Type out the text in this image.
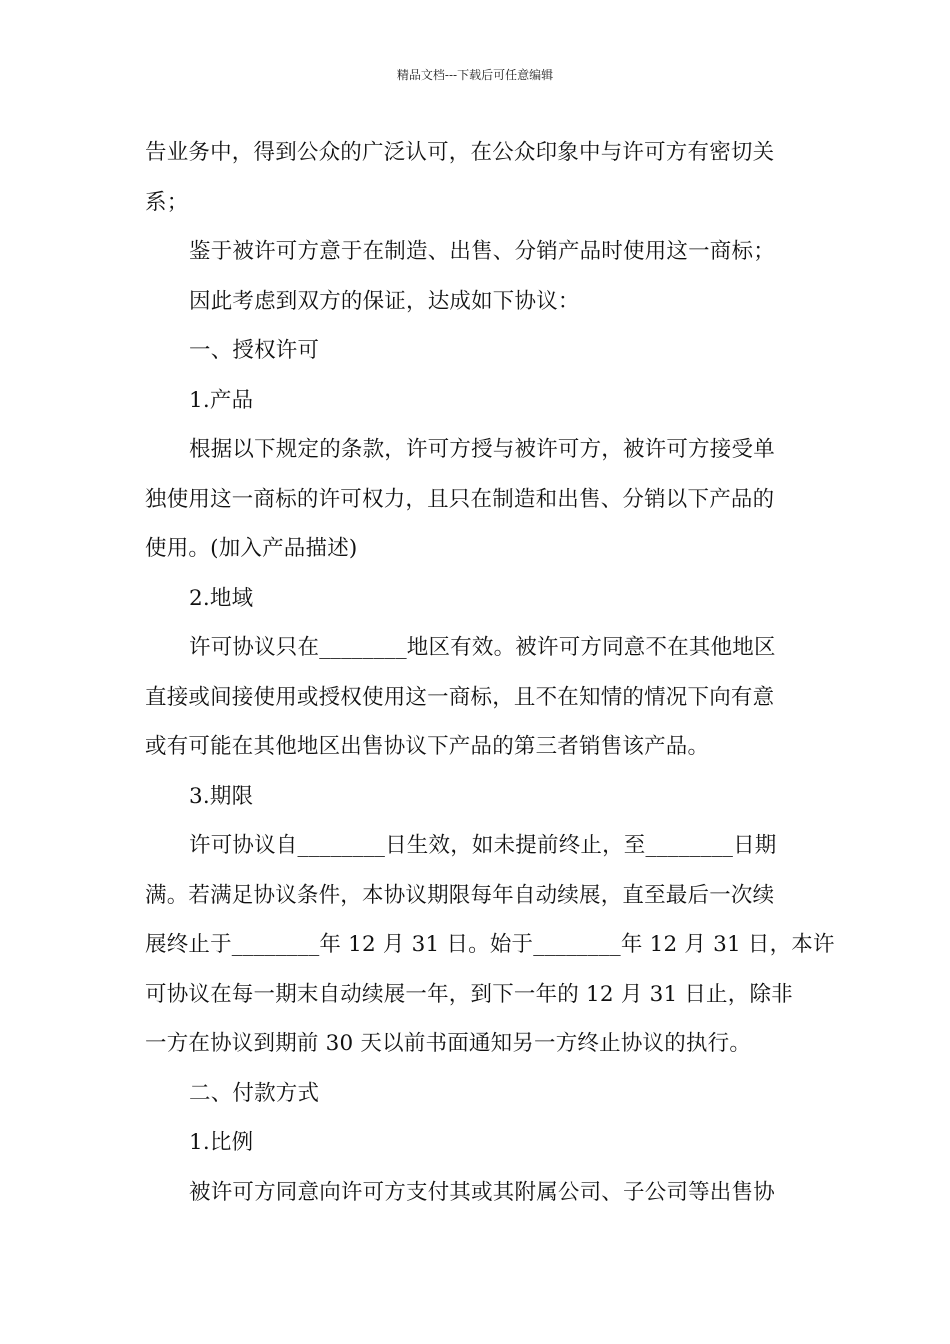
精品文档---下载后可任意编辑
告业务中，得到公众的广泛认可，在公众印象中与许可方有密切关
系；
鉴于被许可方意于在制造、出售、分销产品时使用这一商标；
因此考虑到双方的保证，达成如下协议：
一、授权许可
1.产品
根据以下规定的条款，许可方授与被许可方，被许可方接受单
独使用这一商标的许可权力，且只在制造和出售、分销以下产品的
使用。(加入产品描述)
2.地域
许可协议只在________地区有效。被许可方同意不在其他地区
直接或间接使用或授权使用这一商标，且不在知情的情况下向有意
或有可能在其他地区出售协议下产品的第三者销售该产品。
3.期限
许可协议自________日生效，如未提前终止，至________日期
满。若满足协议条件，本协议期限每年自动续展，直至最后一次续
展终止于________年 12 月 31 日。始于________年 12 月 31 日，本许
可协议在每一期末自动续展一年，到下一年的 12 月 31 日止，除非
一方在协议到期前 30 天以前书面通知另一方终止协议的执行。
二、付款方式
1.比例
被许可方同意向许可方支付其或其附属公司、子公司等出售协
